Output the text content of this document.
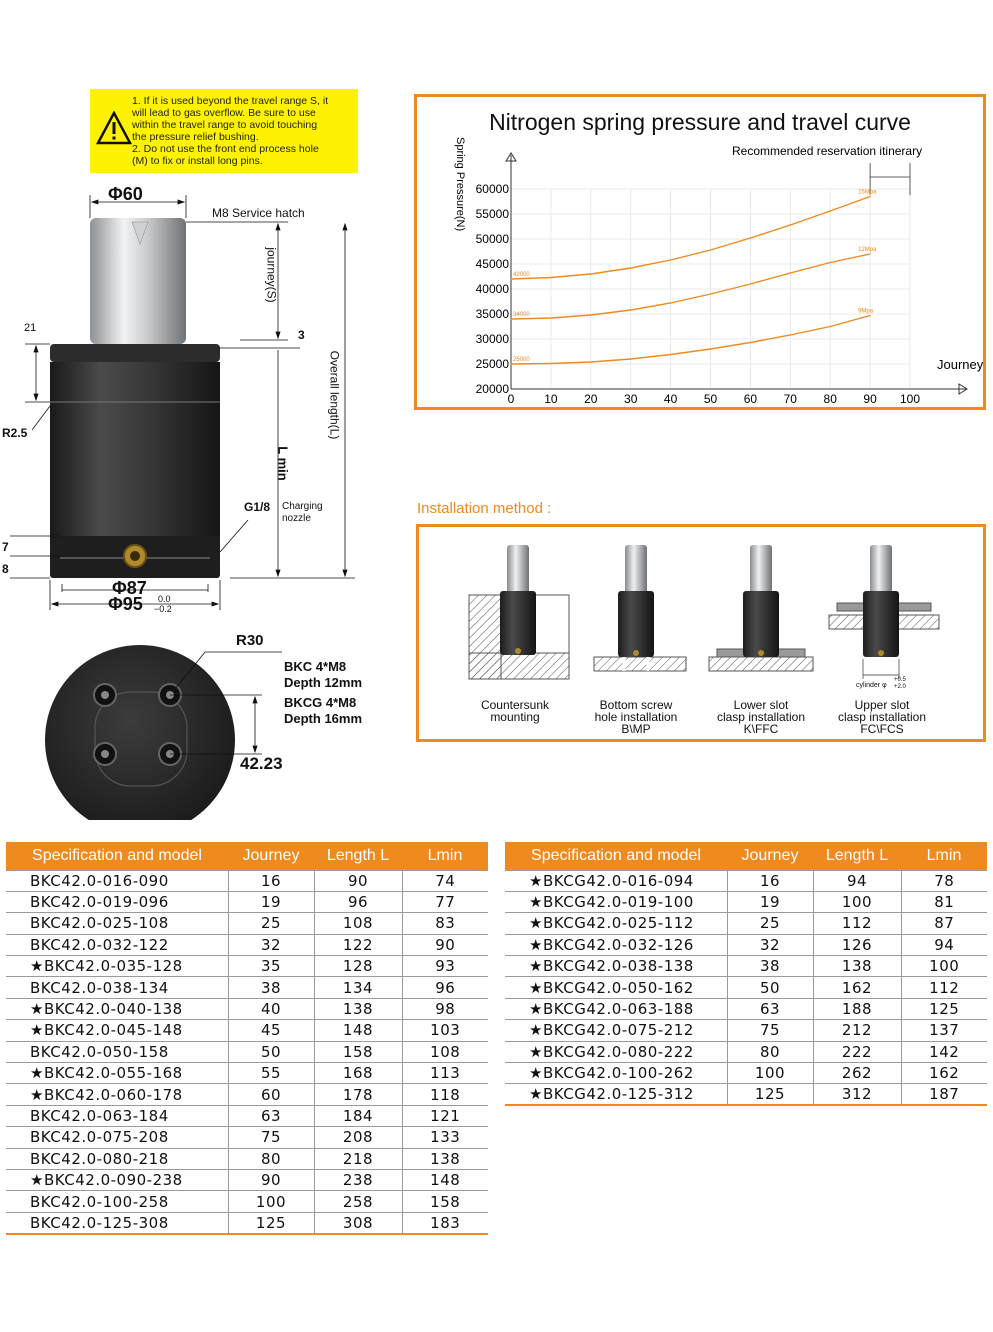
1. If it is used beyond the travel range S, it
will lead to gas overflow. Be sure to use
within the travel range to avoid touching
the pressure relief bushing.
2. Do not use the front end process hole
(M) to fix or install long pins.
Φ60
M8 Service hatch
journey(S)
21	3
Overall length(L)
R2.5
L min
G1/8 Charging
nozzle
7
8
Φ87
Φ95 0.0
−0.2
R30
BKC 4*M8
Depth 12mm
BKCG 4*M8
Depth 16mm
42.23
Nitrogen spring pressure and travel curve
0 10 20 30 40 50 60 70 80 90 100
20000
25000
30000
35000
40000
45000
50000
55000
60000
Spring Pressure(N)
Journey
Recommended reservation itinerary
42000
15Mpa
34000
12Mpa
25000
9Mpa
Installation method :
Countersunk
mounting
Bottom screw
hole installation
B\MP
Lower slot
clasp installation
K\FFC
Upper slot
clasp installation
FC\FCS
cylinder φ
+0.5
+2.0
Specification and model	Journey	Length L	Lmin
BKC42.0-016-090	16	90	74
BKC42.0-019-096	19	96	77
BKC42.0-025-108	25	108	83
BKC42.0-032-122	32	122	90
★BKC42.0-035-128	35	128	93
BKC42.0-038-134	38	134	96
★BKC42.0-040-138	40	138	98
★BKC42.0-045-148	45	148	103
BKC42.0-050-158	50	158	108
★BKC42.0-055-168	55	168	113
★BKC42.0-060-178	60	178	118
BKC42.0-063-184	63	184	121
BKC42.0-075-208	75	208	133
BKC42.0-080-218	80	218	138
★BKC42.0-090-238	90	238	148
BKC42.0-100-258	100	258	158
BKC42.0-125-308	125	308	183
Specification and model	Journey	Length L	Lmin
★BKCG42.0-016-094	16	94	78
★BKCG42.0-019-100	19	100	81
★BKCG42.0-025-112	25	112	87
★BKCG42.0-032-126	32	126	94
★BKCG42.0-038-138	38	138	100
★BKCG42.0-050-162	50	162	112
★BKCG42.0-063-188	63	188	125
★BKCG42.0-075-212	75	212	137
★BKCG42.0-080-222	80	222	142
★BKCG42.0-100-262	100	262	162
★BKCG42.0-125-312	125	312	187
